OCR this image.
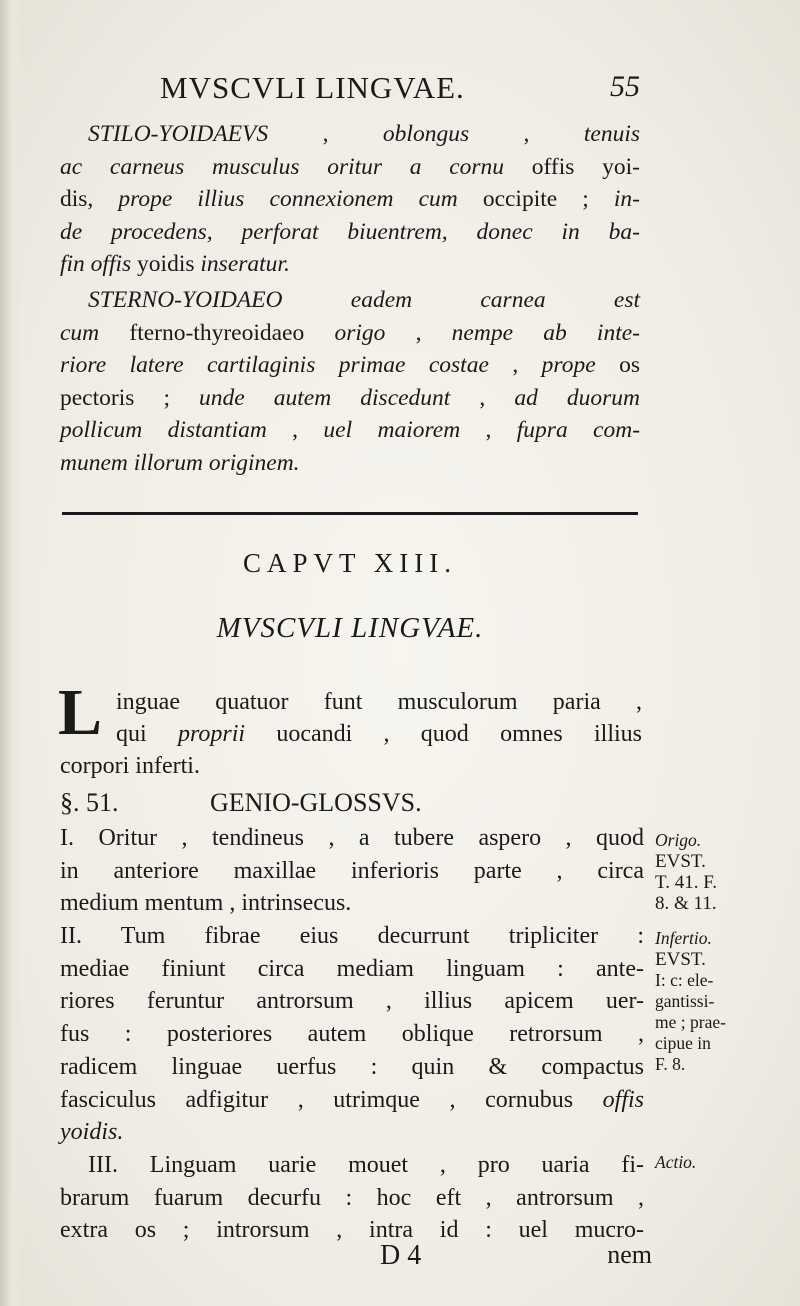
MVSCVLI LINGVAE.	55
STILO-YOIDAEVS , oblongus , tenuis
ac carneus musculus oritur a cornu offis yoi-
dis, prope illius connexionem cum occipite ; in-
de procedens, perforat biuentrem, donec in ba-
fin offis yoidis inseratur.
STERNO-YOIDAEO eadem carnea est
cum fterno-thyreoidaeo origo , nempe ab inte-
riore latere cartilaginis primae costae , prope os
pectoris ; unde autem discedunt , ad duorum
pollicum distantiam , uel maiorem , fupra com-
munem illorum originem.
CAPVT XIII.
MVSCVLI LINGVAE.
L inguae quatuor funt musculorum paria ,
qui proprii uocandi , quod omnes illius
corpori inferti.
§. 51.	GENIO-GLOSSVS.
I. Oritur , tendineus , a tubere aspero , quod
in anteriore maxillae inferioris parte , circa
medium mentum , intrinsecus.
II. Tum fibrae eius decurrunt tripliciter :
mediae finiunt circa mediam linguam : ante-
riores feruntur antrorsum , illius apicem uer-
fus : posteriores autem oblique retrorsum ,
radicem linguae uerfus : quin & compactus
fasciculus adfigitur , utrimque , cornubus offis
yoidis.
III. Linguam uarie mouet , pro uaria fi-
brarum fuarum decurfu : hoc eft , antrorsum ,
extra os ; introrsum , intra id : uel mucro-
Origo.
EVST.
T. 41. F.
8. & 11.
Infertio.
EVST.
I: c: ele-
gantissi-
me ; prae-
cipue in
F. 8.
Actio.
D 4	nem
